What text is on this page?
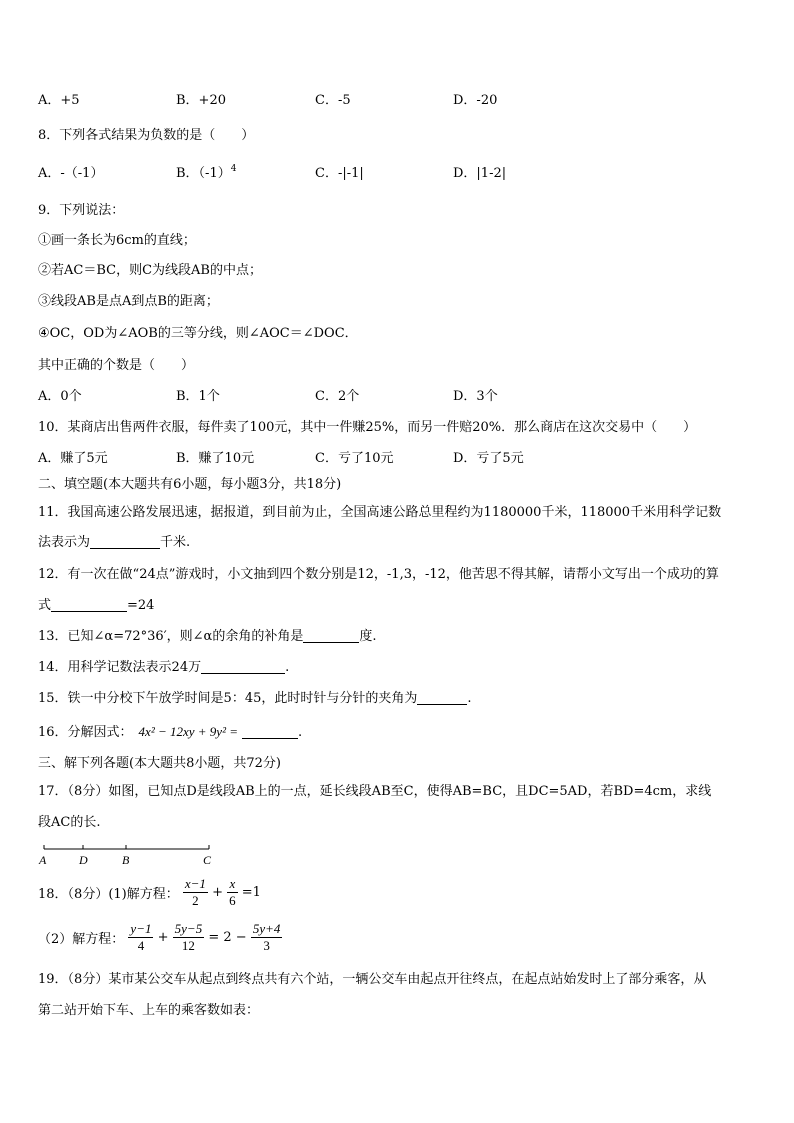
A．+5	B．+20	C．-5	D．-20
8．下列各式结果为负数的是（　　）
A．-（-1）	B．$(-1)^4$	C．-|-1|	D．|1-2|
9．下列说法：
①画一条长为6cm的直线；
②若AC＝BC，则C为线段AB的中点；
③线段AB是点A到点B的距离；
④OC，OD为∠AOB的三等分线，则∠AOC＝∠DOC．
其中正确的个数是（　　）
A．0个	B．1个	C．2个	D．3个
10．某商店出售两件衣服，每件卖了100元，其中一件赚25%，而另一件赔20%．那么商店在这次交易中（　　）
A．赚了5元	B．赚了10元	C．亏了10元	D．亏了5元
二、填空题(本大题共有6小题，每小题3分，共18分)
11．我国高速公路发展迅速，据报道，到目前为止，全国高速公路总里程约为1180000千米，118000千米用科学记数
法表示为	千米.
12．有一次在做“24点”游戏时，小文抽到四个数分别是12，-1,3，-12，他苦思不得其解，请帮小文写出一个成功的算
式	=24
13．已知∠α=72°36′，则∠α的余角的补角是	度.
14．用科学记数法表示24万	.
15．铁一中分校下午放学时间是5：45，此时时针与分针的夹角为	.
16．分解因式： 4x² − 12xy + 9y² =	.
三、解下列各题(本大题共8小题，共72分)
17．（8分）如图，已知点D是线段AB上的一点，延长线段AB至C，使得AB=BC，且DC=5AD，若BD=4cm，求线
段AC的长.
A	D	B	C
18．（8分）(1)解方程： $\frac{x-1}{2} + \frac{x}{6} =1$
（2）解方程： $\frac{y-1}{4} + \frac{5y-5}{12} = 2 - \frac{5y+4}{3}$
19．（8分）某市某公交车从起点到终点共有六个站，一辆公交车由起点开往终点，在起点站始发时上了部分乘客，从
第二站开始下车、上车的乘客数如表：
